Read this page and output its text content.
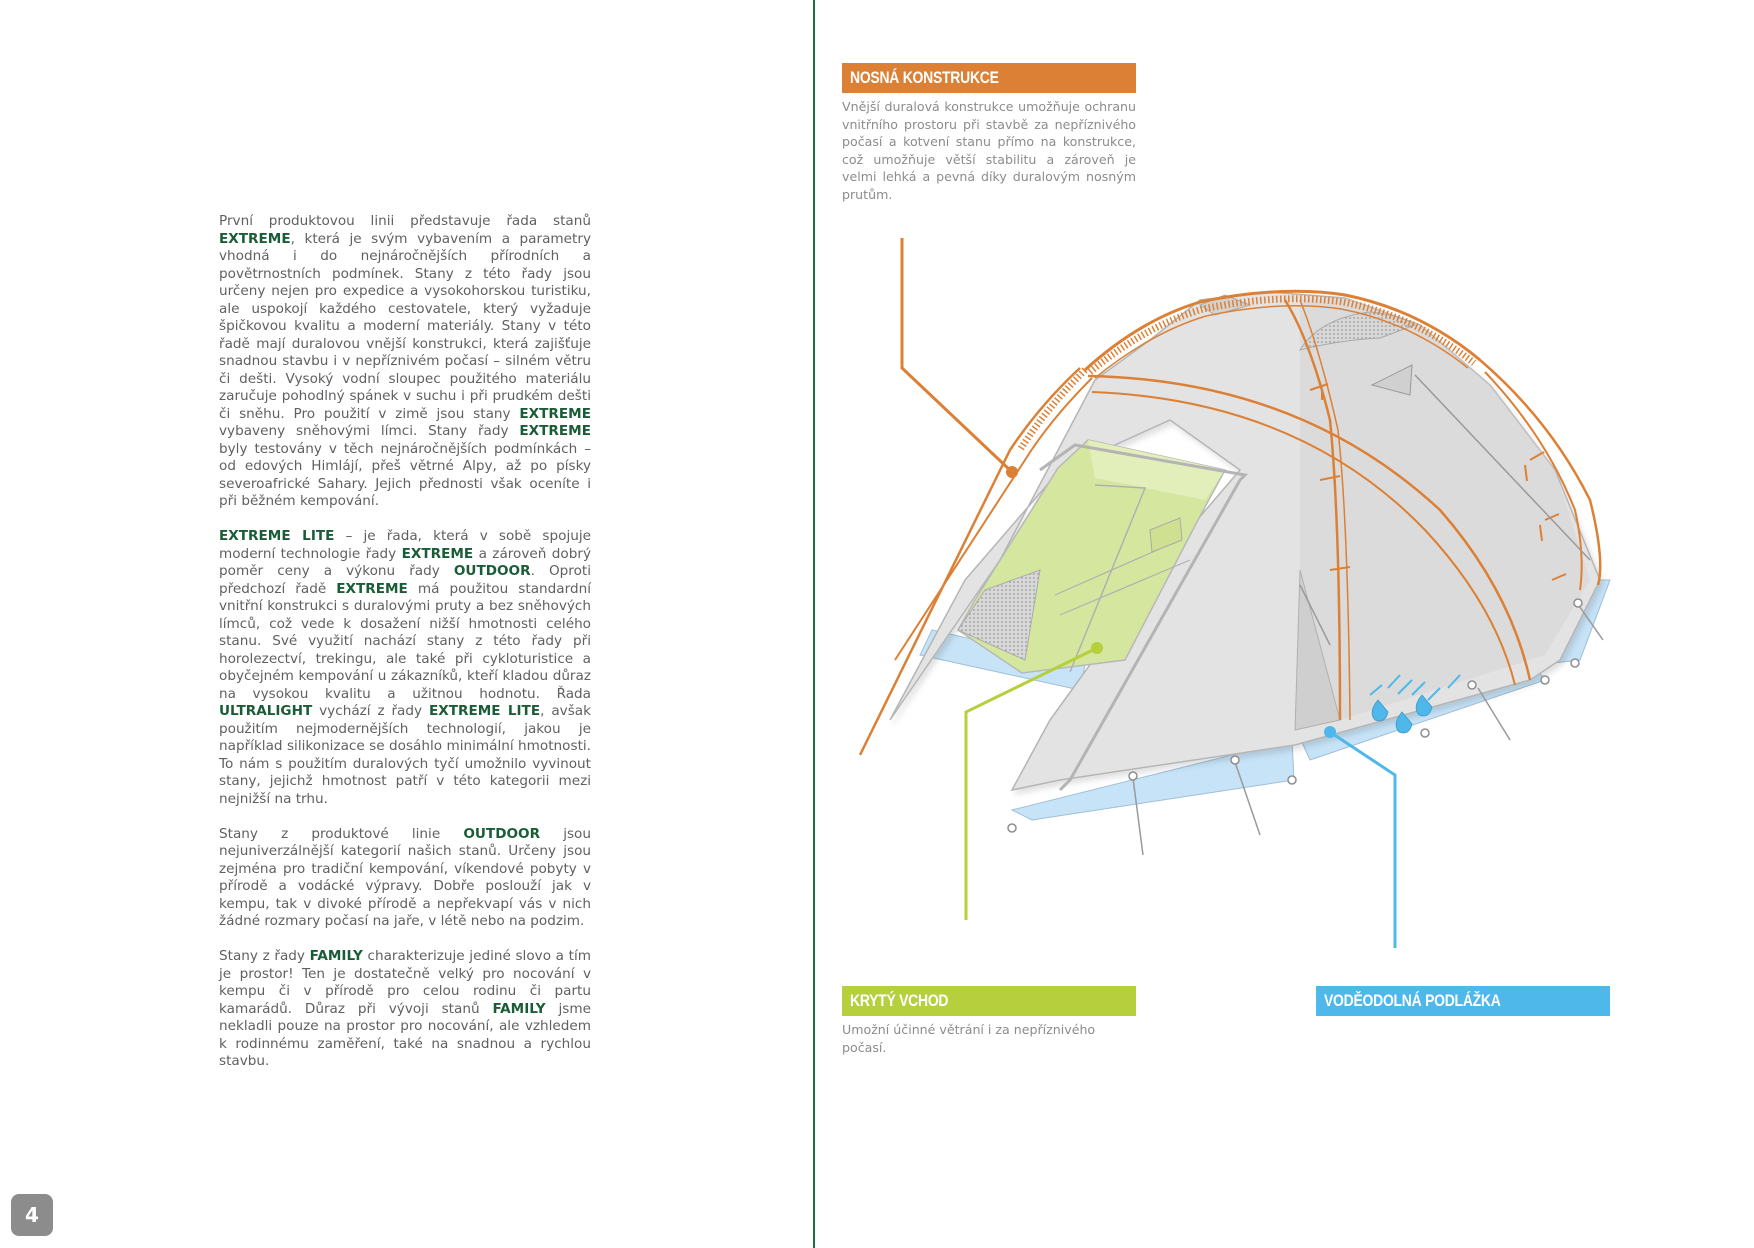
První produktovou linii představuje řada stanů EXTREME, která je svým vybavením a parametry vhodná i do nejnáročnějších přírodních a povětrnostních podmínek. Stany z této řady jsou určeny nejen pro expedice a vysokohorskou turistiku, ale uspokojí každého cestovatele, který vyžaduje špičkovou kvalitu a moderní materiály. Stany v této řadě mají duralovou vnější konstrukci, která zajišťuje snadnou stavbu i v nepříznivém počasí – silném větru či dešti. Vysoký vodní sloupec použitého materiálu zaručuje pohodlný spánek v suchu i při prudkém dešti či sněhu. Pro použití v zimě jsou stany EXTREME vybaveny sněhovými límci. Stany řady EXTREME byly testovány v těch nejnáročnějších podmínkách – od edových Himlájí, přeš větrné Alpy, až po písky severoafrické Sahary. Jejich přednosti však oceníte i při běžném kempování.

EXTREME LITE – je řada, která v sobě spojuje moderní technologie řady EXTREME a zároveň dobrý poměr ceny a výkonu řady OUTDOOR. Oproti předchozí řadě EXTREME má použitou standardní vnitřní konstrukci s duralovými pruty a bez sněhových límců, což vede k dosažení nižší hmotnosti celého stanu. Své využití nachází stany z této řady při horolezectví, trekingu, ale také při cykloturistice a obyčejném kempování u zákazníků, kteří kladou důraz na vysokou kvalitu a užitnou hodnotu. Řada ULTRALIGHT vychází z řady EXTREME LITE, avšak použitím nejmodernějších technologií, jakou je například silikonizace se dosáhlo minimální hmotnosti. To nám s použitím duralových tyčí umožnilo vyvinout stany, jejichž hmotnost patří v této kategorii mezi nejnižší na trhu.

Stany z produktové linie OUTDOOR jsou nejuniverzálnější kategorií našich stanů. Určeny jsou zejména pro tradiční kempování, víkendové pobyty v přírodě a vodácké výpravy. Dobře poslouží jak v kempu, tak v divoké přírodě a nepřekvapí vás v nich žádné rozmary počasí na jaře, v létě nebo na podzim.

Stany z řady FAMILY charakterizuje jediné slovo a tím je prostor! Ten je dostatečně velký pro nocování v kempu či v přírodě pro celou rodinu či partu kamarádů. Důraz při vývoji stanů FAMILY jsme nekladli pouze na prostor pro nocování, ale vzhledem k rodinnému zaměření, také na snadnou a rychlou stavbu.

4
NOSNÁ KONSTRUKCE
Vnější duralová konstrukce umožňuje ochranu vnitřního prostoru při stavbě za nepříznivého počasí a kotvení stanu přímo na konstrukce, což umožňuje větší stabilitu a zároveň je velmi lehká a pevná díky duralovým nosným prutům.
KRYTÝ VCHOD
Umožní účinné větrání i za nepříznivého počasí.
VODĚODOLNÁ PODLÁŽKA
